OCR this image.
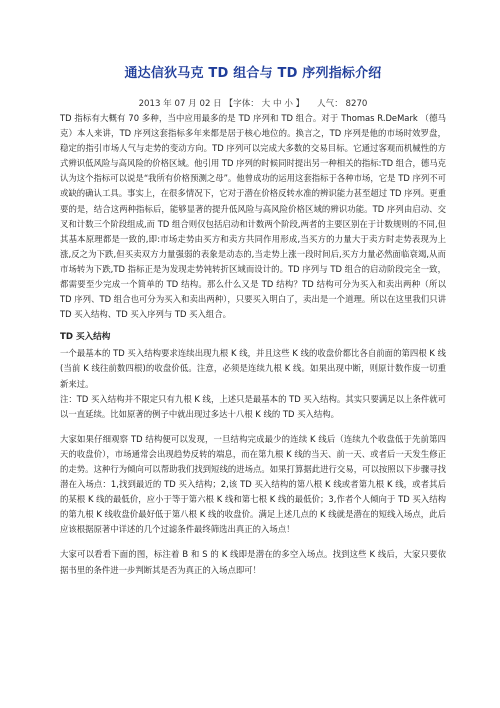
通达信狄马克 TD 组合与 TD 序列指标介绍
2013 年 07 月 02 日 【字体： 大 中 小 】 人气： 8270

TD 指标有大概有 70 多种，当中应用最多的是 TD 序列和 TD 组合。对于 Thomas R.DeMark （德马克）本人来讲，TD 序列这套指标多年来都是居于核心地位的。换言之，TD 序列是他的市场时效罗盘，稳定的指引市场人气与走势的变动方向。TD 序列可以完成大多数的交易目标。它通过客观而机械性的方式辨识低风险与高风险的价格区域。他引用 TD 序列的时候同时提出另一种相关的指标:TD 组合，德马克认为这个指标可以说是“我所有价格预测之母”。他曾成功的运用这套指标于各种市场，它是 TD 序列不可或缺的确认工具。事实上，在很多情况下，它对于潜在价格反转水准的辨识能力甚至超过 TD 序列。更重要的是，结合这两种指标后，能够显著的提升低风险与高风险价格区域的辨识功能。TD 序列由启动、交叉和计数三个阶段组成,而 TD 组合则仅包括启动和计数两个阶段,两者的主要区别在于计数规则的不同,但其基本原理都是一致的,即:市场走势由买方和卖方共同作用形成,当买方的力量大于卖方时走势表现为上涨,反之为下跌,但买卖双方力量强弱的表象是动态的,当走势上涨一段时间后,买方力量必然面临衰竭,从而市场转为下跌,TD 指标正是为发现走势钝转折区域而设计的。TD 序列与 TD 组合的启动阶段完全一致，都需要至少完成一个简单的 TD 结构。那么什么又是 TD 结构？TD 结构可分为买入和卖出两种（所以 TD 序列、TD 组合也可分为买入和卖出两种），只要买入明白了，卖出是一个道理。所以在这里我们只讲 TD 买入结构、TD 买入序列与 TD 买入组合。

TD 买入结构

一个最基本的 TD 买入结构要求连续出现九根 K 线，并且这些 K 线的收盘价都比各自前面的第四根 K 线(当前 K 线往前数四根)的收盘价低。注意，必须是连续九根 K 线。如果出现中断，则原计数作废一切重新来过。

注：TD 买入结构并不限定只有九根 K 线，上述只是最基本的 TD 买入结构。其实只要满足以上条件就可以一直延续。比如原著的例子中就出现过多达十八根 K 线的 TD 买入结构。

大家如果仔细观察 TD 结构便可以发现，一旦结构完成最少的连续 K 线后（连续九个收盘低于先前第四天的收盘价），市场通常会出现趋势反转的端息，而在第九根 K 线的当天、前一天、或者后一天发生修正的走势。这种行为倾向可以帮助我们找到短线的进场点。如果打算据此进行交易，可以按照以下步骤寻找潜在入场点：1,找到最近的 TD 买入结构；2,该 TD 买入结构的第八根 K 线或者第九根 K 线，或者其后的某根 K 线的最低价，应小于等于第六根 K 线和第七根 K 线的最低价；3,作者个人倾向于 TD 买入结构的第九根 K 线收盘价最好低于第八根 K 线的收盘价。满足上述几点的 K 线就是潜在的短线入场点，此后应该根据原著中详述的几个过滤条件最终筛选出真正的入场点！

大家可以看看下面的图，标注着 B 和 S 的 K 线即是潜在的多空入场点。找到这些 K 线后，大家只要依据书里的条件进一步判断其是否为真正的入场点即可！
